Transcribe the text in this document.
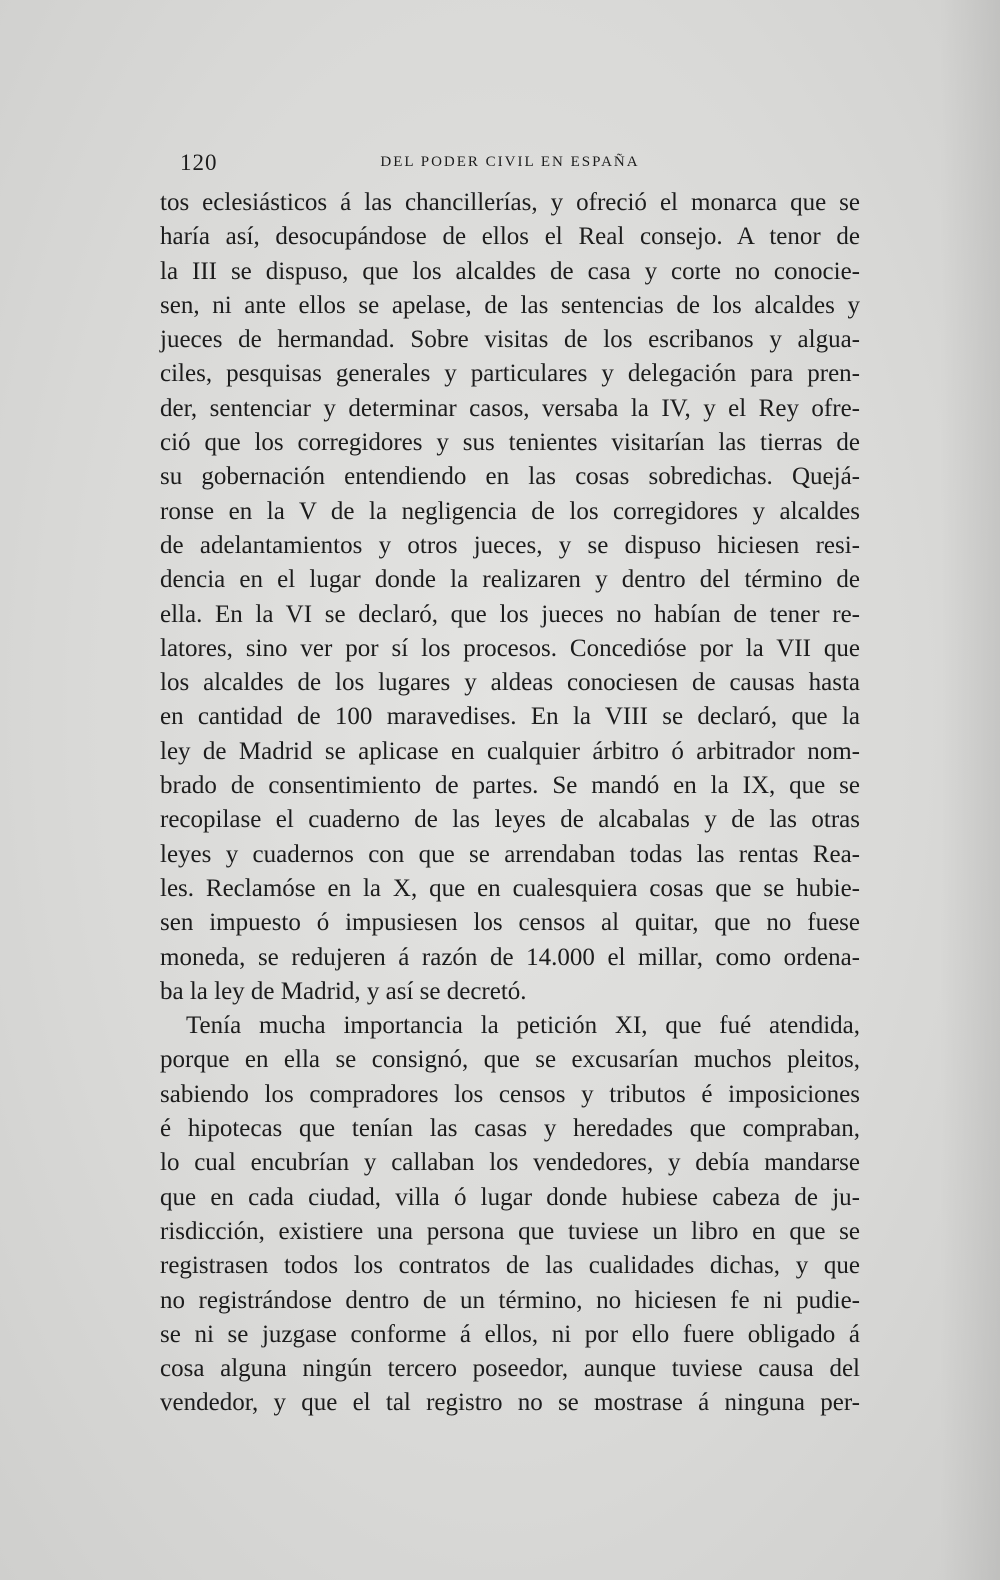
120	DEL PODER CIVIL EN ESPAÑA
tos eclesiásticos á las chancillerías, y ofreció el monarca que se
haría así, desocupándose de ellos el Real consejo. A tenor de
la III se dispuso, que los alcaldes de casa y corte no conocie-
sen, ni ante ellos se apelase, de las sentencias de los alcaldes y
jueces de hermandad. Sobre visitas de los escribanos y algua-
ciles, pesquisas generales y particulares y delegación para pren-
der, sentenciar y determinar casos, versaba la IV, y el Rey ofre-
ció que los corregidores y sus tenientes visitarían las tierras de
su gobernación entendiendo en las cosas sobredichas. Quejá-
ronse en la V de la negligencia de los corregidores y alcaldes
de adelantamientos y otros jueces, y se dispuso hiciesen resi-
dencia en el lugar donde la realizaren y dentro del término de
ella. En la VI se declaró, que los jueces no habían de tener re-
latores, sino ver por sí los procesos. Concedióse por la VII que
los alcaldes de los lugares y aldeas conociesen de causas hasta
en cantidad de 100 maravedises. En la VIII se declaró, que la
ley de Madrid se aplicase en cualquier árbitro ó arbitrador nom-
brado de consentimiento de partes. Se mandó en la IX, que se
recopilase el cuaderno de las leyes de alcabalas y de las otras
leyes y cuadernos con que se arrendaban todas las rentas Rea-
les. Reclamóse en la X, que en cualesquiera cosas que se hubie-
sen impuesto ó impusiesen los censos al quitar, que no fuese
moneda, se redujeren á razón de 14.000 el millar, como ordena-
ba la ley de Madrid, y así se decretó.
Tenía mucha importancia la petición XI, que fué atendida,
porque en ella se consignó, que se excusarían muchos pleitos,
sabiendo los compradores los censos y tributos é imposiciones
é hipotecas que tenían las casas y heredades que compraban,
lo cual encubrían y callaban los vendedores, y debía mandarse
que en cada ciudad, villa ó lugar donde hubiese cabeza de ju-
risdicción, existiere una persona que tuviese un libro en que se
registrasen todos los contratos de las cualidades dichas, y que
no registrándose dentro de un término, no hiciesen fe ni pudie-
se ni se juzgase conforme á ellos, ni por ello fuere obligado á
cosa alguna ningún tercero poseedor, aunque tuviese causa del
vendedor, y que el tal registro no se mostrase á ninguna per-
